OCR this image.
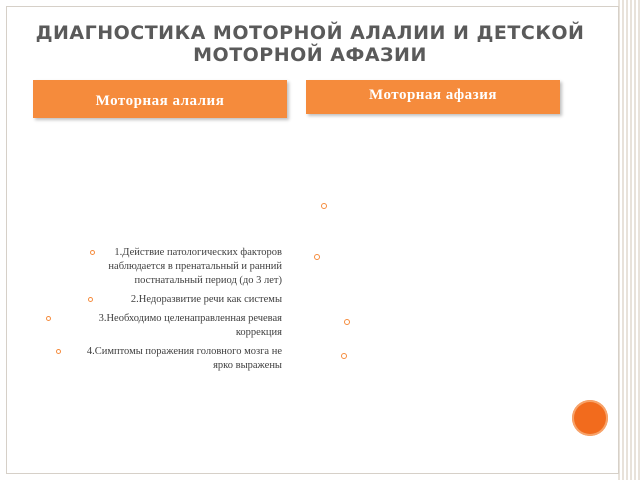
ДИАГНОСТИКА МОТОРНОЙ АЛАЛИИ И ДЕТСКОЙ МОТОРНОЙ АФАЗИИ
Моторная алалия	Моторная афазия
1.Действие патологических факторов наблюдается в пренатальный и ранний постнатальный период (до 3 лет)
2.Недоразвитие речи как системы
3.Необходимо целенаправленная речевая коррекция
4.Симптомы поражения головного мозга не ярко выражены
